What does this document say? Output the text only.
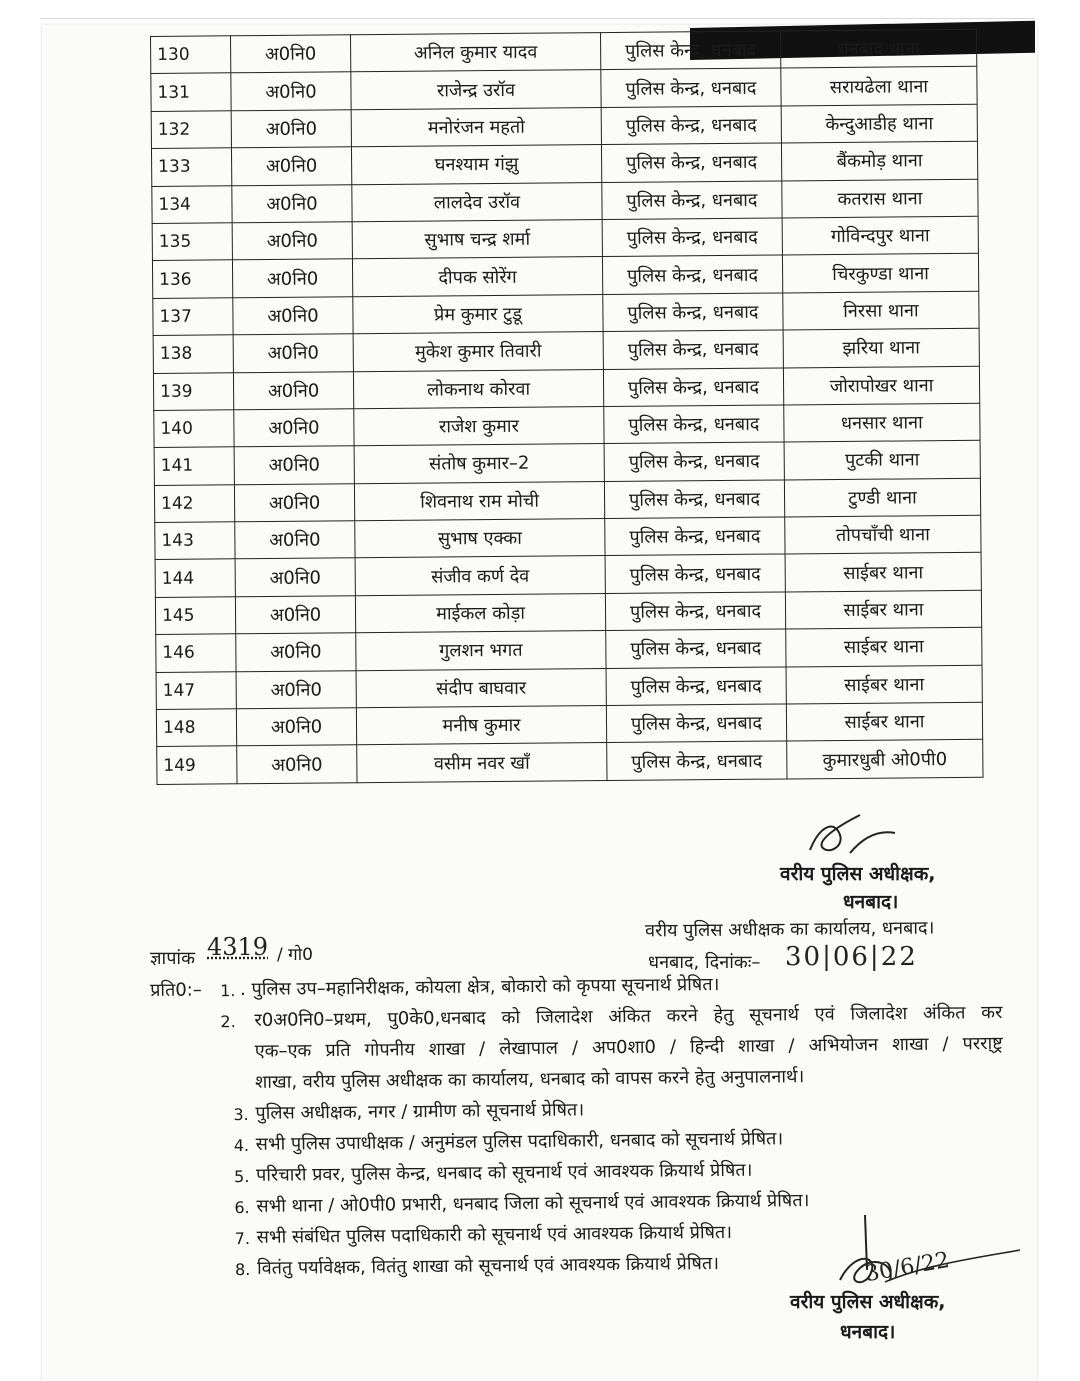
130	अ0नि0	अनिल कुमार यादव	पुलिस केन्द्र, धनबाद	धनबाद थाना
131	अ0नि0	राजेन्द्र उरॉव	पुलिस केन्द्र, धनबाद	सरायढेला थाना
132	अ0नि0	मनोरंजन महतो	पुलिस केन्द्र, धनबाद	केन्दुआडीह थाना
133	अ0नि0	घनश्याम गंझु	पुलिस केन्द्र, धनबाद	बैंकमोड़ थाना
134	अ0नि0	लालदेव उरॉव	पुलिस केन्द्र, धनबाद	कतरास थाना
135	अ0नि0	सुभाष चन्द्र शर्मा	पुलिस केन्द्र, धनबाद	गोविन्दपुर थाना
136	अ0नि0	दीपक सोरेंग	पुलिस केन्द्र, धनबाद	चिरकुण्डा थाना
137	अ0नि0	प्रेम कुमार टुडू	पुलिस केन्द्र, धनबाद	निरसा थाना
138	अ0नि0	मुकेश कुमार तिवारी	पुलिस केन्द्र, धनबाद	झरिया थाना
139	अ0नि0	लोकनाथ कोरवा	पुलिस केन्द्र, धनबाद	जोरापोखर थाना
140	अ0नि0	राजेश कुमार	पुलिस केन्द्र, धनबाद	धनसार थाना
141	अ0नि0	संतोष कुमार–2	पुलिस केन्द्र, धनबाद	पुटकी थाना
142	अ0नि0	शिवनाथ राम मोची	पुलिस केन्द्र, धनबाद	टुण्डी थाना
143	अ0नि0	सुभाष एक्का	पुलिस केन्द्र, धनबाद	तोपचाँची थाना
144	अ0नि0	संजीव कर्ण देव	पुलिस केन्द्र, धनबाद	साईबर थाना
145	अ0नि0	माईकल कोड़ा	पुलिस केन्द्र, धनबाद	साईबर थाना
146	अ0नि0	गुलशन भगत	पुलिस केन्द्र, धनबाद	साईबर थाना
147	अ0नि0	संदीप बाघवार	पुलिस केन्द्र, धनबाद	साईबर थाना
148	अ0नि0	मनीष कुमार	पुलिस केन्द्र, धनबाद	साईबर थाना
149	अ0नि0	वसीम नवर खाँ	पुलिस केन्द्र, धनबाद	कुमारधुबी ओ0पी0
वरीय पुलिस अधीक्षक,
धनबाद।
वरीय पुलिस अधीक्षक का कार्यालय, धनबाद।
धनबाद, दिनांकः– 30|06|22
ज्ञापांक 4319 / गो0
प्रति0:– 1. . पुलिस उप–महानिरीक्षक, कोयला क्षेत्र, बोकारो को कृपया सूचनार्थ प्रेषित।
2. र0अ0नि0–प्रथम, पु0के0,धनबाद को जिलादेश अंकित करने हेतु सूचनार्थ एवं जिलादेश अंकित कर
एक–एक प्रति गोपनीय शाखा / लेखापाल / अप0शा0 / हिन्दी शाखा / अभियोजन शाखा / पररा्ष्ट्र
शाखा, वरीय पुलिस अधीक्षक का कार्यालय, धनबाद को वापस करने हेतु अनुपालनार्थ।
3. पुलिस अधीक्षक, नगर / ग्रामीण को सूचनार्थ प्रेषित।
4. सभी पुलिस उपाधीक्षक / अनुमंडल पुलिस पदाधिकारी, धनबाद को सूचनार्थ प्रेषित।
5. परिचारी प्रवर, पुलिस केन्द्र, धनबाद को सूचनार्थ एवं आवश्यक क्रियार्थ प्रेषित।
6. सभी थाना / ओ0पी0 प्रभारी, धनबाद जिला को सूचनार्थ एवं आवश्यक क्रियार्थ प्रेषित।
7. सभी संबंधित पुलिस पदाधिकारी को सूचनार्थ एवं आवश्यक क्रियार्थ प्रेषित।
8. वितंतु पर्यावेक्षक, वितंतु शाखा को सूचनार्थ एवं आवश्यक क्रियार्थ प्रेषित।	30/6/22
वरीय पुलिस अधीक्षक,
धनबाद।
